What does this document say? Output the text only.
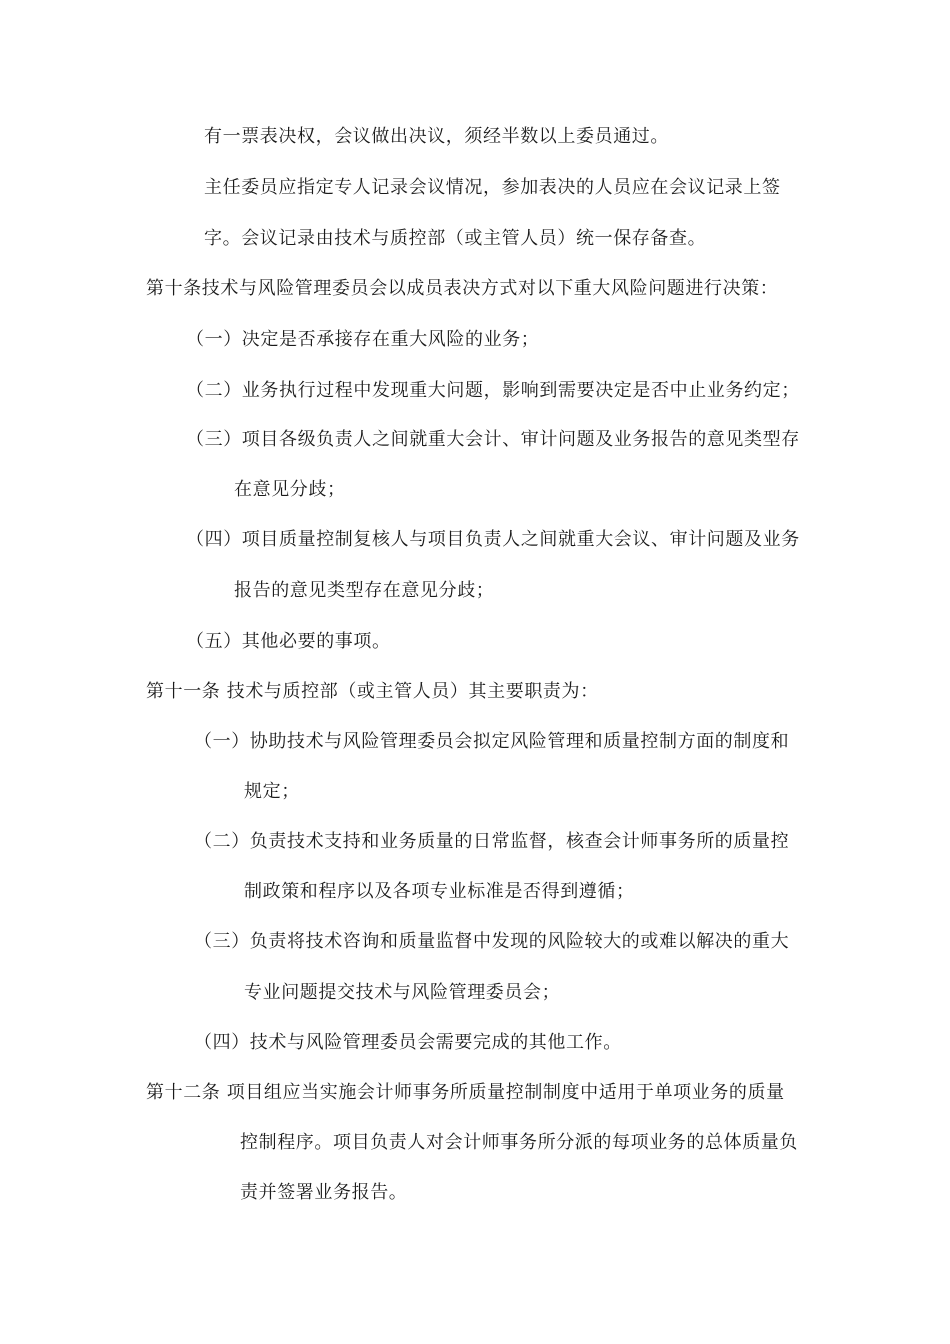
有一票表决权，会议做出决议，须经半数以上委员通过。
主任委员应指定专人记录会议情况，参加表决的人员应在会议记录上签
字。会议记录由技术与质控部（或主管人员）统一保存备查。
第十条技术与风险管理委员会以成员表决方式对以下重大风险问题进行决策：
（一）决定是否承接存在重大风险的业务；
（二）业务执行过程中发现重大问题，影响到需要决定是否中止业务约定；
（三）项目各级负责人之间就重大会计、审计问题及业务报告的意见类型存
在意见分歧；
（四）项目质量控制复核人与项目负责人之间就重大会议、审计问题及业务
报告的意见类型存在意见分歧；
（五）其他必要的事项。
第十一条 技术与质控部（或主管人员）其主要职责为：
（一）协助技术与风险管理委员会拟定风险管理和质量控制方面的制度和
规定；
（二）负责技术支持和业务质量的日常监督，核查会计师事务所的质量控
制政策和程序以及各项专业标准是否得到遵循；
（三）负责将技术咨询和质量监督中发现的风险较大的或难以解决的重大
专业问题提交技术与风险管理委员会；
（四）技术与风险管理委员会需要完成的其他工作。
第十二条 项目组应当实施会计师事务所质量控制制度中适用于单项业务的质量
控制程序。项目负责人对会计师事务所分派的每项业务的总体质量负
责并签署业务报告。
